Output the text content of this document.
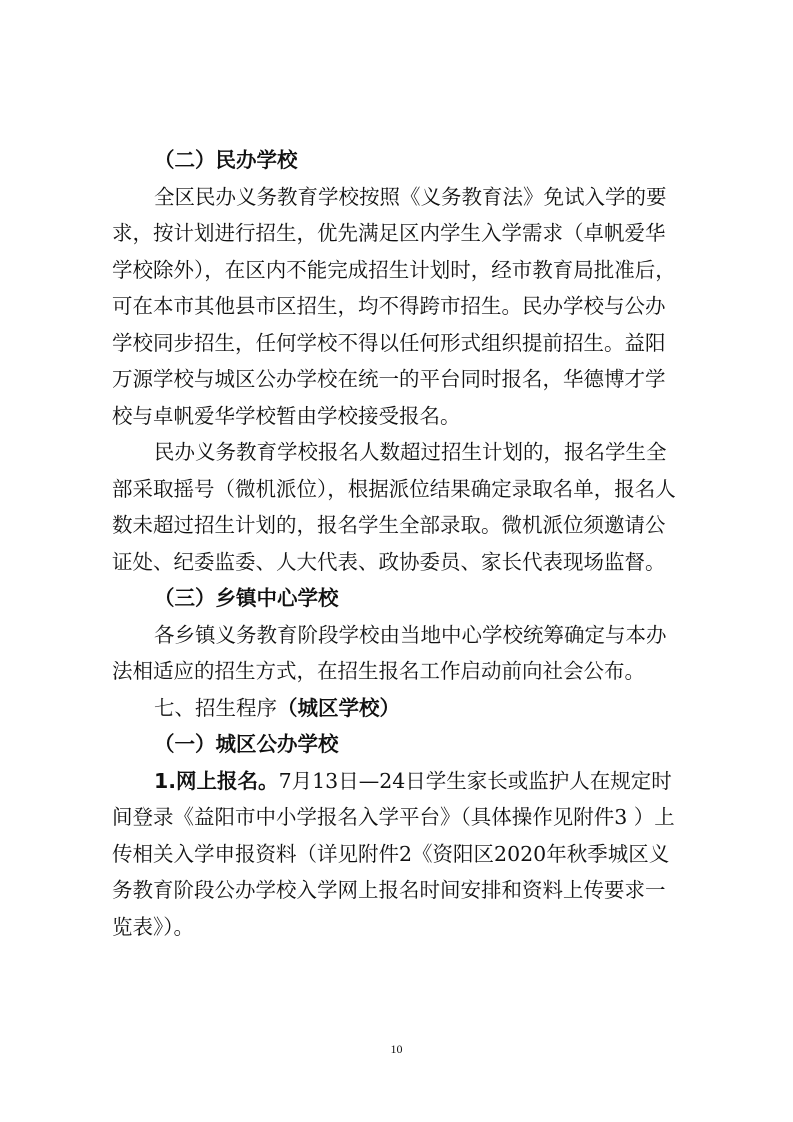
（二）民办学校
全区民办义务教育学校按照《义务教育法》免试入学的要
求，按计划进行招生，优先满足区内学生入学需求（卓帆爱华
学校除外），在区内不能完成招生计划时，经市教育局批准后，
可在本市其他县市区招生，均不得跨市招生。民办学校与公办
学校同步招生，任何学校不得以任何形式组织提前招生。益阳
万源学校与城区公办学校在统一的平台同时报名，华德博才学
校与卓帆爱华学校暂由学校接受报名。
民办义务教育学校报名人数超过招生计划的，报名学生全
部采取摇号（微机派位），根据派位结果确定录取名单，报名人
数未超过招生计划的，报名学生全部录取。微机派位须邀请公
证处、纪委监委、人大代表、政协委员、家长代表现场监督。
（三）乡镇中心学校
各乡镇义务教育阶段学校由当地中心学校统筹确定与本办
法相适应的招生方式，在招生报名工作启动前向社会公布。
七、招生程序（城区学校）
（一）城区公办学校
1.网上报名。7月13日—24日学生家长或监护人在规定时
间登录《益阳市中小学报名入学平台》（具体操作见附件3 ）上
传相关入学申报资料（详见附件2《资阳区2020年秋季城区义
务教育阶段公办学校入学网上报名时间安排和资料上传要求一
览表》）。
10
